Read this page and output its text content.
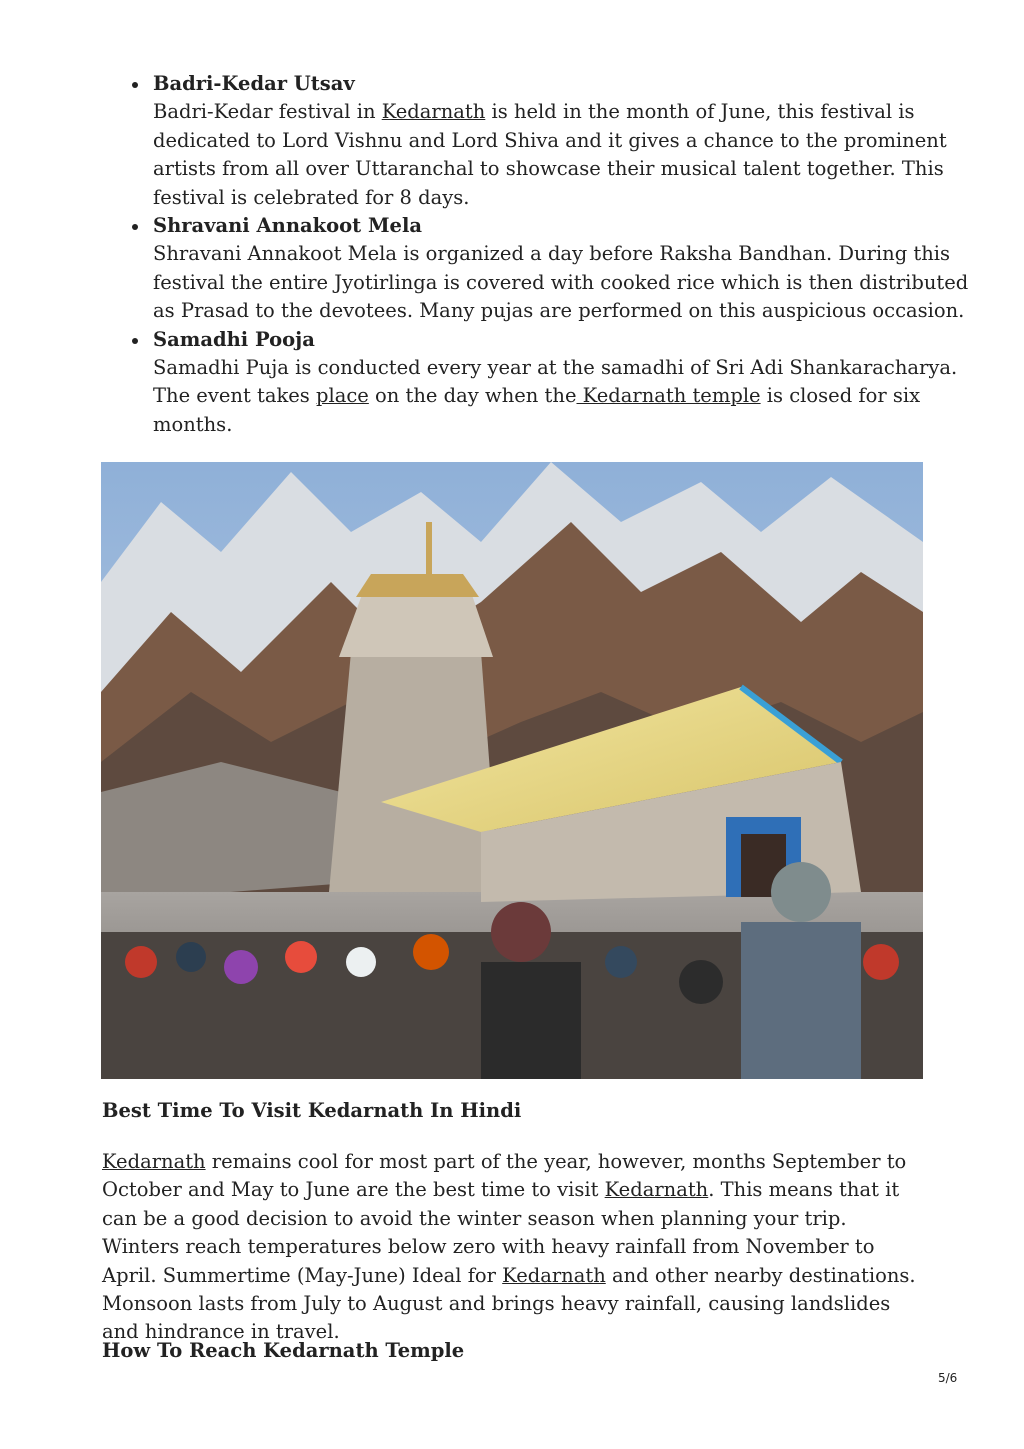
Badri-Kedar Utsav
Badri-Kedar festival in Kedarnath is held in the month of June, this festival is dedicated to Lord Vishnu and Lord Shiva and it gives a chance to the prominent artists from all over Uttaranchal to showcase their musical talent together. This festival is celebrated for 8 days.
Shravani Annakoot Mela
Shravani Annakoot Mela is organized a day before Raksha Bandhan. During this festival the entire Jyotirlinga is covered with cooked rice which is then distributed as Prasad to the devotees. Many pujas are performed on this auspicious occasion.
Samadhi Pooja
Samadhi Puja is conducted every year at the samadhi of Sri Adi Shankaracharya. The event takes place on the day when the Kedarnath temple is closed for six months.
Best Time To Visit Kedarnath In Hindi

Kedarnath remains cool for most part of the year, however, months September to October and May to June are the best time to visit Kedarnath. This means that it can be a good decision to avoid the winter season when planning your trip. Winters reach temperatures below zero with heavy rainfall from November to April. Summertime (May-June) Ideal for Kedarnath and other nearby destinations. Monsoon lasts from July to August and brings heavy rainfall, causing landslides and hindrance in travel.

How To Reach Kedarnath Temple
5/6
